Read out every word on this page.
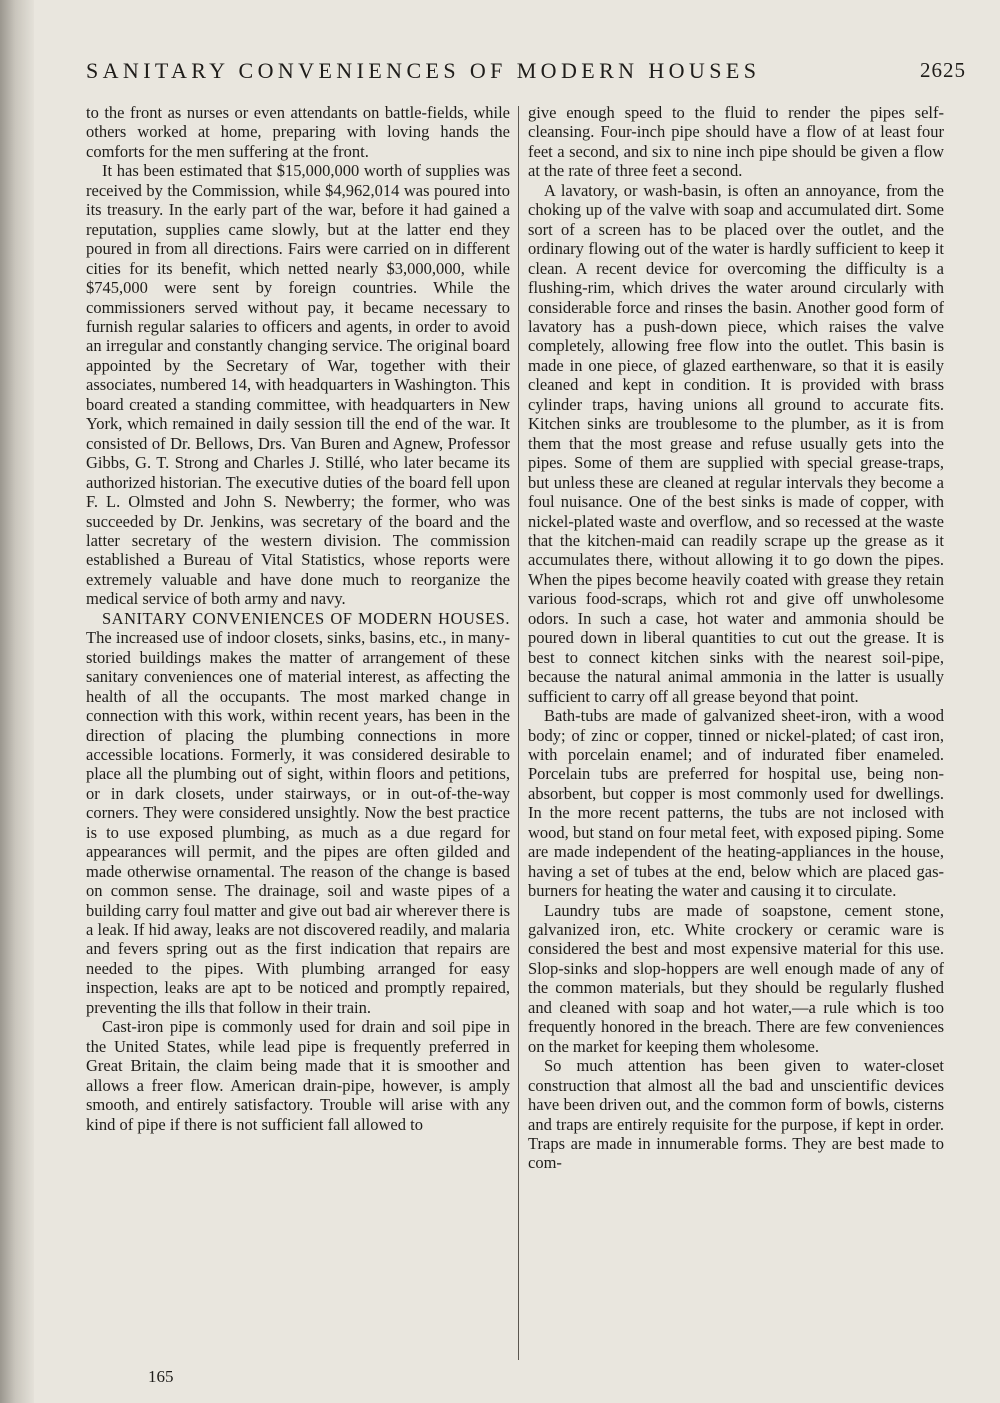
SANITARY CONVENIENCES OF MODERN HOUSES	2625

to the front as nurses or even attendants on battle-fields, while others worked at home, preparing with loving hands the comforts for the men suffering at the front.

It has been estimated that $15,000,000 worth of supplies was received by the Commission, while $4,962,014 was poured into its treasury. In the early part of the war, before it had gained a reputation, supplies came slowly, but at the latter end they poured in from all directions. Fairs were carried on in different cities for its benefit, which netted nearly $3,000,000, while $745,000 were sent by foreign countries. While the commissioners served without pay, it became necessary to furnish regular salaries to officers and agents, in order to avoid an irregular and constantly changing service. The original board appointed by the Secretary of War, together with their associates, numbered 14, with headquarters in Washington. This board created a standing committee, with headquarters in New York, which remained in daily session till the end of the war. It consisted of Dr. Bellows, Drs. Van Buren and Agnew, Professor Gibbs, G. T. Strong and Charles J. Stillé, who later became its authorized historian. The executive duties of the board fell upon F. L. Olmsted and John S. Newberry; the former, who was succeeded by Dr. Jenkins, was secretary of the board and the latter secretary of the western division. The commission established a Bureau of Vital Statistics, whose reports were extremely valuable and have done much to reorganize the medical service of both army and navy.

SANITARY CONVENIENCES OF MODERN HOUSES. The increased use of indoor closets, sinks, basins, etc., in many-storied buildings makes the matter of arrangement of these sanitary conveniences one of material interest, as affecting the health of all the occupants. The most marked change in connection with this work, within recent years, has been in the direction of placing the plumbing connections in more accessible locations. Formerly, it was considered desirable to place all the plumbing out of sight, within floors and petitions, or in dark closets, under stairways, or in out-of-the-way corners. They were considered unsightly. Now the best practice is to use exposed plumbing, as much as a due regard for appearances will permit, and the pipes are often gilded and made otherwise ornamental. The reason of the change is based on common sense. The drainage, soil and waste pipes of a building carry foul matter and give out bad air wherever there is a leak. If hid away, leaks are not discovered readily, and malaria and fevers spring out as the first indication that repairs are needed to the pipes. With plumbing arranged for easy inspection, leaks are apt to be noticed and promptly repaired, preventing the ills that follow in their train.

Cast-iron pipe is commonly used for drain and soil pipe in the United States, while lead pipe is frequently preferred in Great Britain, the claim being made that it is smoother and allows a freer flow. American drain-pipe, however, is amply smooth, and entirely satisfactory. Trouble will arise with any kind of pipe if there is not sufficient fall allowed to

give enough speed to the fluid to render the pipes self-cleansing. Four-inch pipe should have a flow of at least four feet a second, and six to nine inch pipe should be given a flow at the rate of three feet a second.

A lavatory, or wash-basin, is often an annoyance, from the choking up of the valve with soap and accumulated dirt. Some sort of a screen has to be placed over the outlet, and the ordinary flowing out of the water is hardly sufficient to keep it clean. A recent device for overcoming the difficulty is a flushing-rim, which drives the water around circularly with considerable force and rinses the basin. Another good form of lavatory has a push-down piece, which raises the valve completely, allowing free flow into the outlet. This basin is made in one piece, of glazed earthenware, so that it is easily cleaned and kept in condition. It is provided with brass cylinder traps, having unions all ground to accurate fits. Kitchen sinks are troublesome to the plumber, as it is from them that the most grease and refuse usually gets into the pipes. Some of them are supplied with special grease-traps, but unless these are cleaned at regular intervals they become a foul nuisance. One of the best sinks is made of copper, with nickel-plated waste and overflow, and so recessed at the waste that the kitchen-maid can readily scrape up the grease as it accumulates there, without allowing it to go down the pipes. When the pipes become heavily coated with grease they retain various food-scraps, which rot and give off unwholesome odors. In such a case, hot water and ammonia should be poured down in liberal quantities to cut out the grease. It is best to connect kitchen sinks with the nearest soil-pipe, because the natural animal ammonia in the latter is usually sufficient to carry off all grease beyond that point.

Bath-tubs are made of galvanized sheet-iron, with a wood body; of zinc or copper, tinned or nickel-plated; of cast iron, with porcelain enamel; and of indurated fiber enameled. Porcelain tubs are preferred for hospital use, being non-absorbent, but copper is most commonly used for dwellings. In the more recent patterns, the tubs are not inclosed with wood, but stand on four metal feet, with exposed piping. Some are made independent of the heating-appliances in the house, having a set of tubes at the end, below which are placed gas-burners for heating the water and causing it to circulate.

Laundry tubs are made of soapstone, cement stone, galvanized iron, etc. White crockery or ceramic ware is considered the best and most expensive material for this use. Slop-sinks and slop-hoppers are well enough made of any of the common materials, but they should be regularly flushed and cleaned with soap and hot water,—a rule which is too frequently honored in the breach. There are few conveniences on the market for keeping them wholesome.

So much attention has been given to water-closet construction that almost all the bad and unscientific devices have been driven out, and the common form of bowls, cisterns and traps are entirely requisite for the purpose, if kept in order. Traps are made in innumerable forms. They are best made to com-

165
